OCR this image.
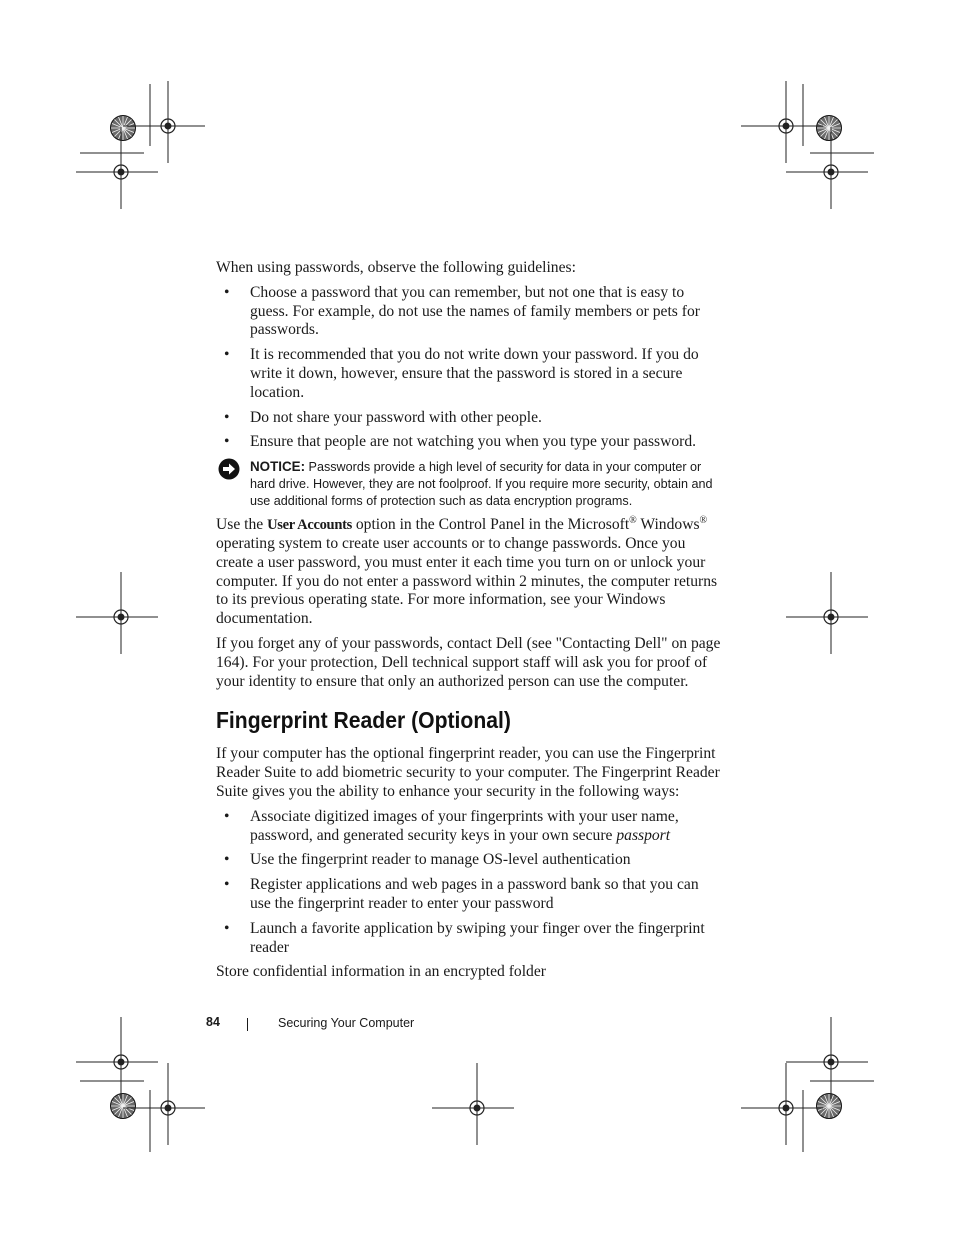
When using passwords, observe the following guidelines:

• Choose a password that you can remember, but not one that is easy to guess. For example, do not use the names of family members or pets for passwords.
• It is recommended that you do not write down your password. If you do write it down, however, ensure that the password is stored in a secure location.
• Do not share your password with other people.
• Ensure that people are not watching you when you type your password.
NOTICE: Passwords provide a high level of security for data in your computer or hard drive. However, they are not foolproof. If you require more security, obtain and use additional forms of protection such as data encryption programs.

Use the User Accounts option in the Control Panel in the Microsoft® Windows® operating system to create user accounts or to change passwords. Once you create a user password, you must enter it each time you turn on or unlock your computer. If you do not enter a password within 2 minutes, the computer returns to its previous operating state. For more information, see your Windows documentation.

If you forget any of your passwords, contact Dell (see "Contacting Dell" on page 164). For your protection, Dell technical support staff will ask you for proof of your identity to ensure that only an authorized person can use the computer.

Fingerprint Reader (Optional)

If your computer has the optional fingerprint reader, you can use the Fingerprint Reader Suite to add biometric security to your computer. The Fingerprint Reader Suite gives you the ability to enhance your security in the following ways:

• Associate digitized images of your fingerprints with your user name, password, and generated security keys in your own secure passport
• Use the fingerprint reader to manage OS-level authentication
• Register applications and web pages in a password bank so that you can use the fingerprint reader to enter your password
• Launch a favorite application by swiping your finger over the fingerprint reader

Store confidential information in an encrypted folder

84	Securing Your Computer
